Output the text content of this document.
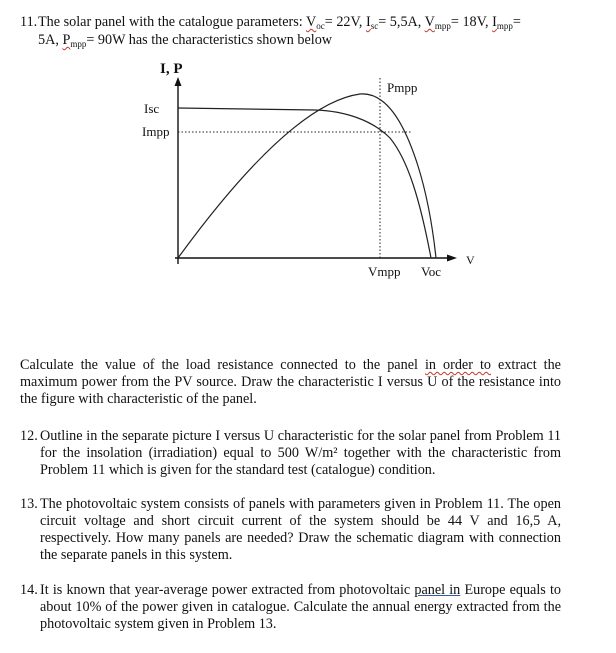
11. The solar panel with the catalogue parameters: $V_{oc}= 22V$, $I_{sc}= 5,5A$, $V_{mpp}= 18V$, $I_{mpp}=$
5A, $P_{mpp}= 90W$ has the characteristics shown below
I, P
Isc
Impp
Pmpp
Vmpp Voc
V
Calculate the value of the load resistance connected to the panel in order to extract the maximum power from the PV source. Draw the characteristic I versus U of the resistance into the figure with characteristic of the panel.
12. Outline in the separate picture I versus U characteristic for the solar panel from Problem 11 for the insolation (irradiation) equal to 500 W/m² together with the characteristic from Problem 11 which is given for the standard test (catalogue) condition.
13. The photovoltaic system consists of panels with parameters given in Problem 11. The open circuit voltage and short circuit current of the system should be 44 V and 16,5 A, respectively. How many panels are needed? Draw the schematic diagram with connection the separate panels in this system.
14. It is known that year-average power extracted from photovoltaic panel in Europe equals to about 10% of the power given in catalogue. Calculate the annual energy extracted from the photovoltaic system given in Problem 13.
